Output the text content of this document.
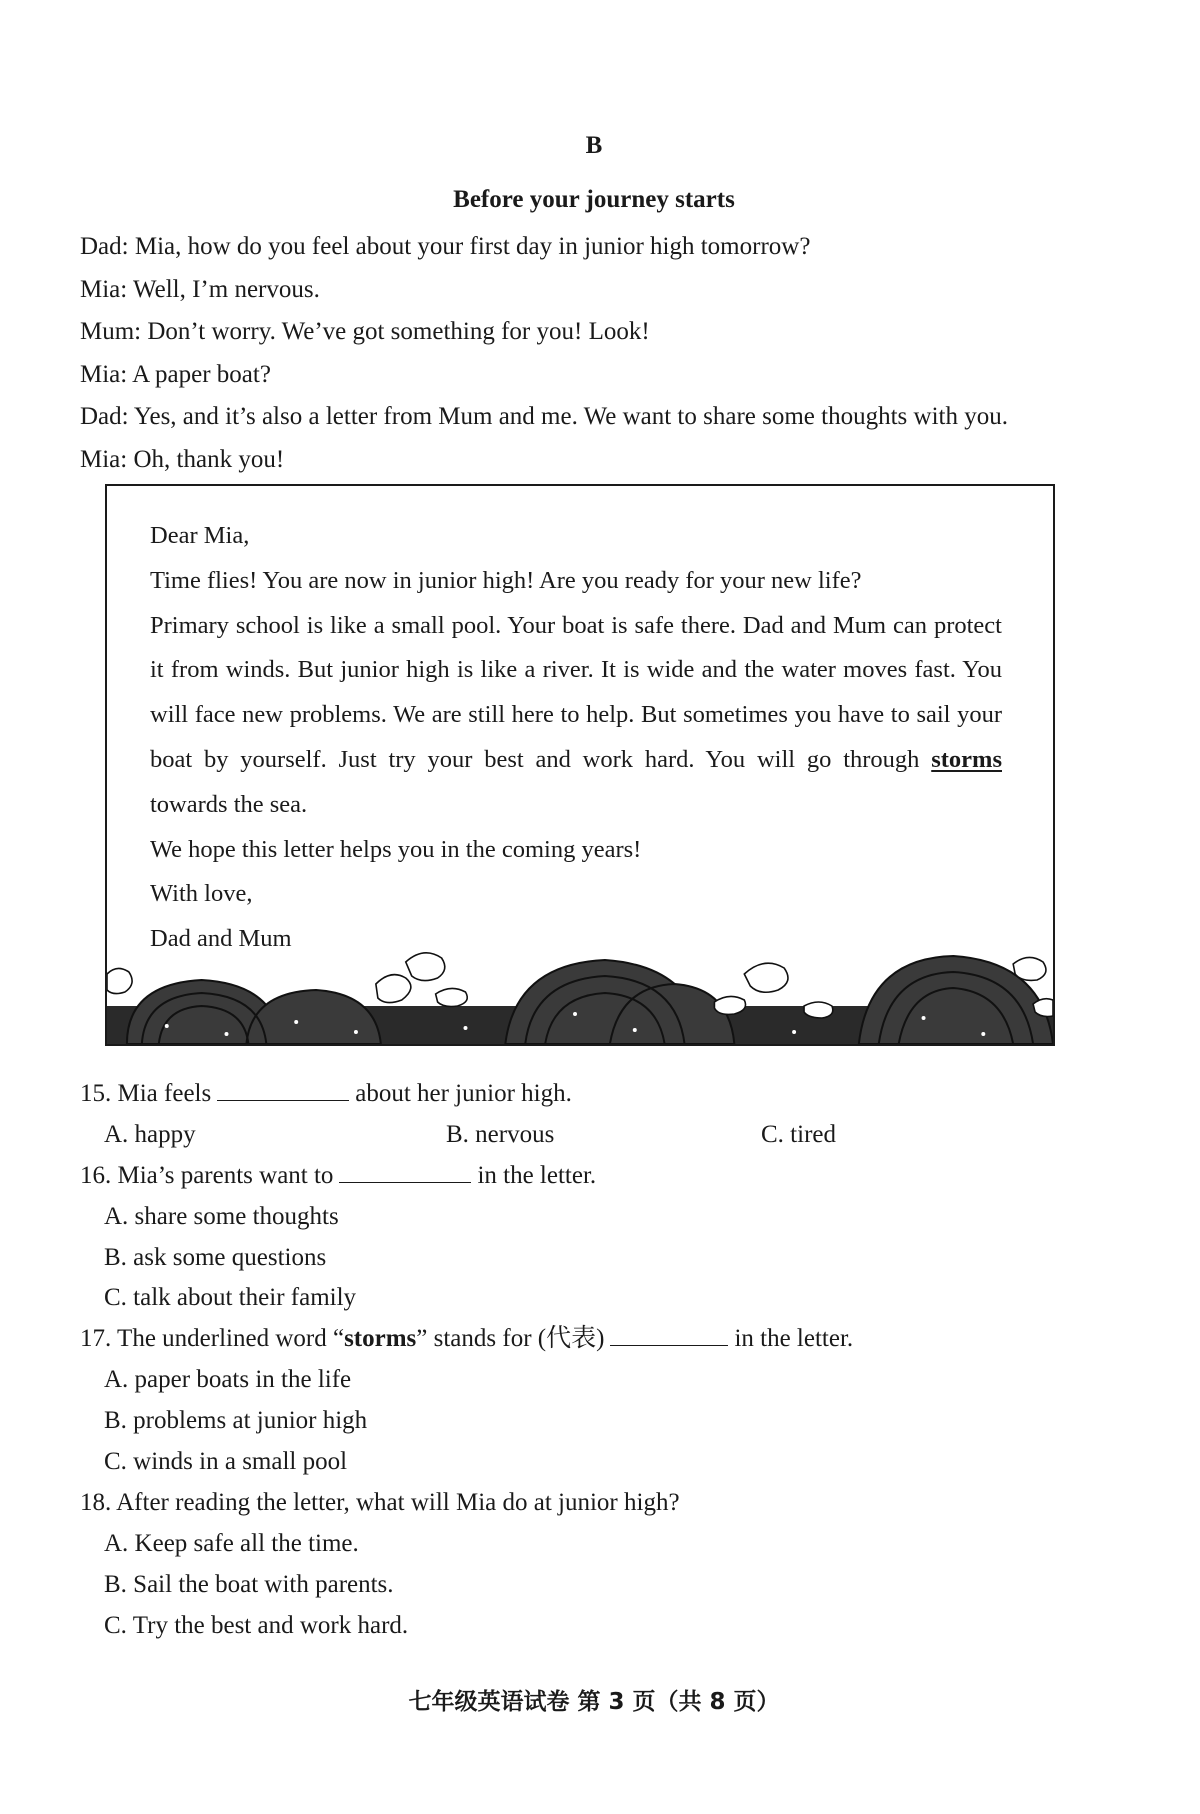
B
Before your journey starts
Dad: Mia, how do you feel about your first day in junior high tomorrow?
Mia: Well, I’m nervous.
Mum: Don’t worry. We’ve got something for you! Look!
Mia: A paper boat?
Dad: Yes, and it’s also a letter from Mum and me. We want to share some thoughts with you.
Mia: Oh, thank you!

Dear Mia,

Time flies! You are now in junior high! Are you ready for your new life?

Primary school is like a small pool. Your boat is safe there. Dad and Mum can protect it from winds. But junior high is like a river. It is wide and the water moves fast. You will face new problems. We are still here to help. But sometimes you have to sail your boat by yourself. Just try your best and work hard. You will go through storms towards the sea.

We hope this letter helps you in the coming years!

With love,

Dad and Mum

15. Mia feels	about her junior high.
A. happy	B. nervous	C. tired
16. Mia’s parents want to	in the letter.
A. share some thoughts
B. ask some questions
C. talk about their family
17. The underlined word “storms” stands for (代表)	in the letter.
A. paper boats in the life
B. problems at junior high
C. winds in a small pool
18. After reading the letter, what will Mia do at junior high?
A. Keep safe all the time.
B. Sail the boat with parents.
C. Try the best and work hard.
七年级英语试卷 第 3 页（共 8 页）
